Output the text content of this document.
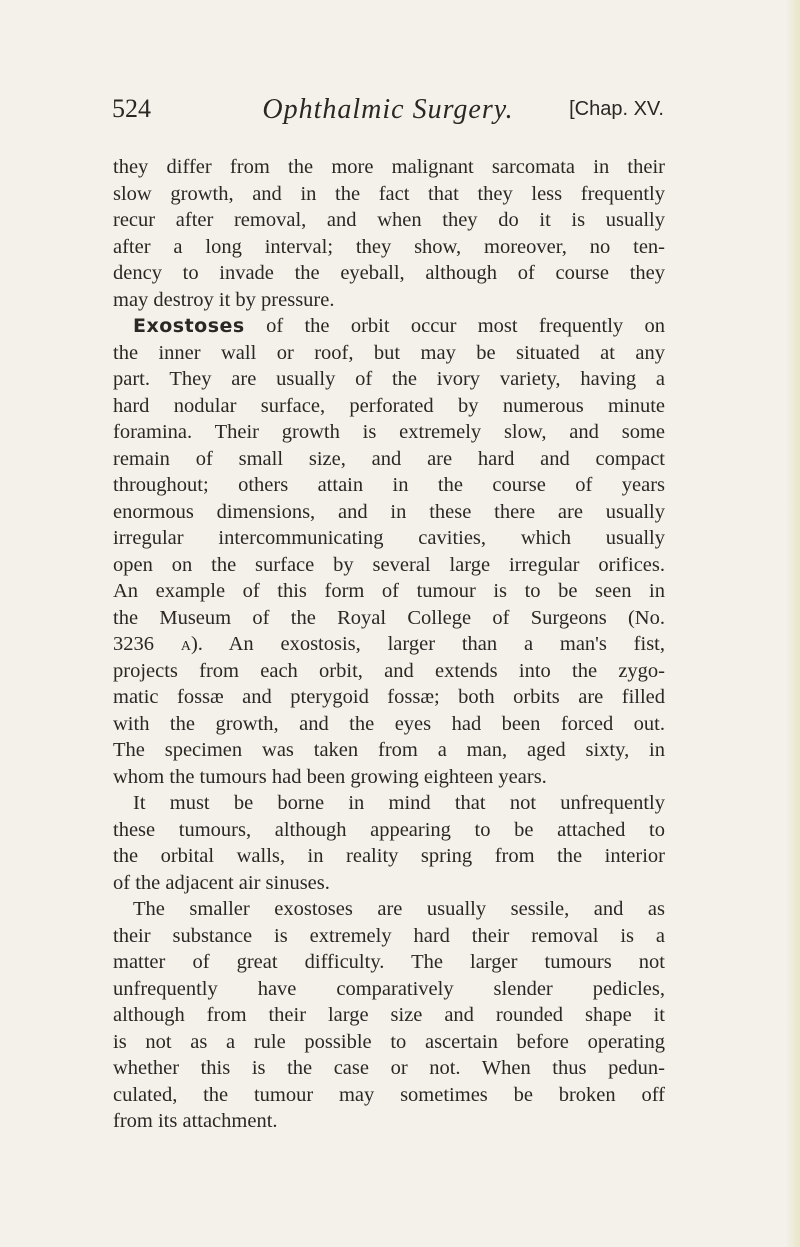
524	Ophthalmic Surgery.	[Chap. XV.
they differ from the more malignant sarcomata in their
slow growth, and in the fact that they less frequently
recur after removal, and when they do it is usually
after a long interval; they show, moreover, no ten-
dency to invade the eyeball, although of course they
may destroy it by pressure.
Exostoses of the orbit occur most frequently on
the inner wall or roof, but may be situated at any
part. They are usually of the ivory variety, having a
hard nodular surface, perforated by numerous minute
foramina. Their growth is extremely slow, and some
remain of small size, and are hard and compact
throughout; others attain in the course of years
enormous dimensions, and in these there are usually
irregular intercommunicating cavities, which usually
open on the surface by several large irregular orifices.
An example of this form of tumour is to be seen in
the Museum of the Royal College of Surgeons (No.
3236 a). An exostosis, larger than a man's fist,
projects from each orbit, and extends into the zygo-
matic fossæ and pterygoid fossæ; both orbits are filled
with the growth, and the eyes had been forced out.
The specimen was taken from a man, aged sixty, in
whom the tumours had been growing eighteen years.
It must be borne in mind that not unfrequently
these tumours, although appearing to be attached to
the orbital walls, in reality spring from the interior
of the adjacent air sinuses.
The smaller exostoses are usually sessile, and as
their substance is extremely hard their removal is a
matter of great difficulty. The larger tumours not
unfrequently have comparatively slender pedicles,
although from their large size and rounded shape it
is not as a rule possible to ascertain before operating
whether this is the case or not. When thus pedun-
culated, the tumour may sometimes be broken off
from its attachment.
